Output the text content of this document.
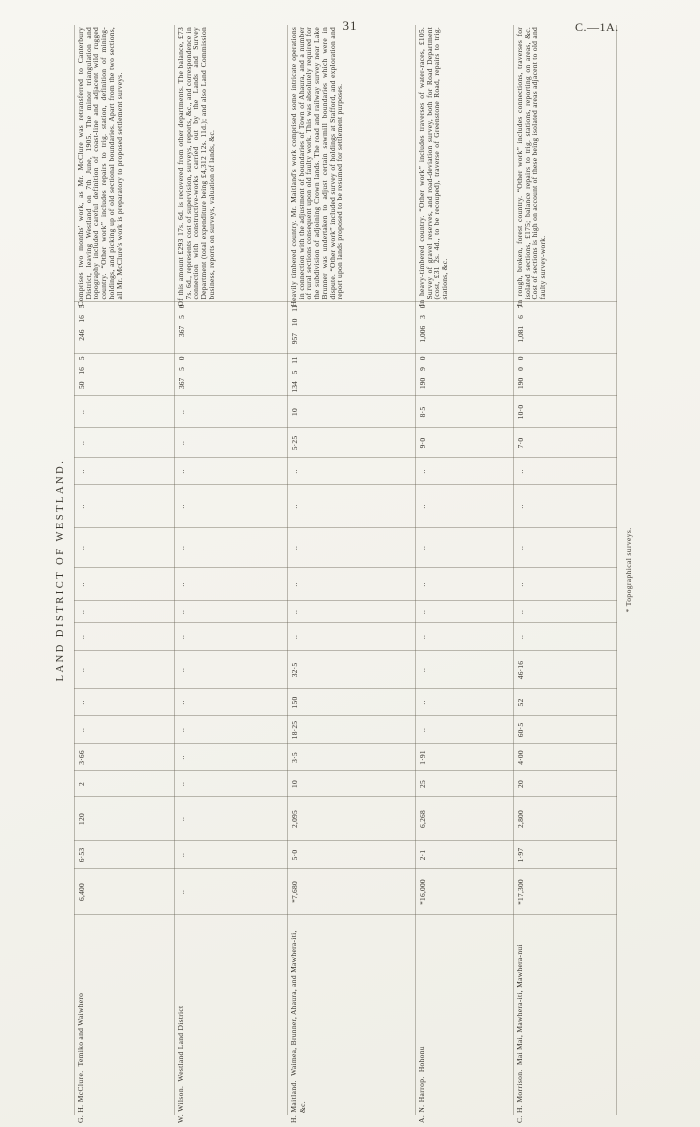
31	C.—1A.
LAND DISTRICT OF WESTLAND.
G. H. McClure. Temiko and Waiwhero	6,400	6·53	120	2	3·66	..	..	..	..	..	..	..	..	..	..	..	50 16 5	246 16 5	Comprises two months' work, as Mr. McClure was retransferred to Canterbury District, leaving Westland on 7th June, 1905. The minor triangulation and topography included careful definition of coast-line and adjacent wild rugged country. “Other work” includes repairs to trig. station, definition of mining-holdings, and picking up of old sectional boundaries. Apart from the two sections, all Mr. McClure's work is preparatory to proposed settlement surveys.
W. Wilson. Westland Land District	..	..	..	..	..	..	..	..	..	..	..	..	..	..	..	..	367 5 0	367 5 0	Of this amount £293 17s. 6d. is recovered from other departments. The balance, £73 7s. 6d., represents cost of supervision, surveys, reports, &c., and correspondence in connection with constructive-works carried out by the Lands and Survey Department (total expenditure being £4,312 12s. 11d.); and also Land Commission business, reports on surveys, valuation of lands, &c.
H. Maitland. Waimea, Brunner, Ahaura, and Mawhera-iti, &c.	*7,680	5·0	2,095	10	3·5	18·25	150	32·5	..	..	..	..	..	..	5·25	10	134 5 11	957 10 11	Heavily timbered country. Mr. Maitland's work comprised some intricate operations in connection with the adjustment of boundaries of Town of Ahaura, and a number of rural sections consequent upon old faulty work. This was absolutely required for the subdivision of adjoining Crown lands. The road and railway survey near Lake Brunner was undertaken to adjust certain sawmill boundaries which were in dispute. “Other work” included survey of holdings at Stafford, and exploration and report upon lands proposed to be resumed for settlement purposes.
A. N. Harrop. Hohonu	*16,000	2·1	6,268	25	1·91	..	..	..	..	..	..	..	..	..	9·0	8·5	190 9 0	1,006 3 0	In heavy-timbered country. “Other work” includes traverses of water-races, £105. Survey of gravel reserves, and road-deviation survey, both for Road Department (cost, £31 2s. 4d., to be recouped), traverse of Greenstone Road, repairs to trig. stations, &c.
C. H. Morrison. Mai Mai, Mawhera-iti, Mawhera-nui	*17,300	1·97	2,800	20	4·00	60·5	52	46·16	..	..	..	..	..	..	7·0	10·0	190 0 0	1,081 6 7	In rough, broken, forest country. “Other work” includes connections, traverses for isolated sections, £175; balance repairs to trig. stations, reporting on areas, &c. Cost of sections is high on account of these being isolated areas adjacent to old and faulty survey-work.
* Topographical surveys.
